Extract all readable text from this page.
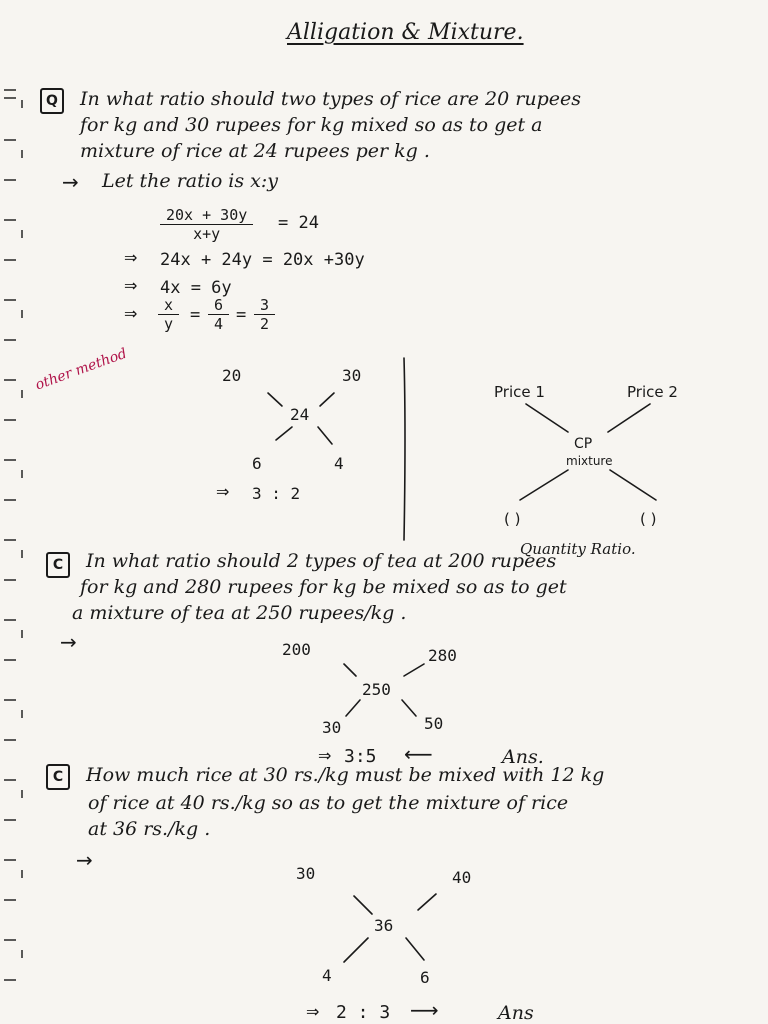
Alligation & Mixture.
Q	In what ratio should two types of rice are 20 rupees
for kg and 30 rupees for kg mixed so as to get a
mixture of rice at 24 rupees per kg .
→ Let the ratio is x:y
$\frac{20x + 30y}{x+y} = 24$
⇒ 24x + 24y = 20x +30y
⇒ 4x = 6y
⇒ $\frac{x}{y} = \frac{6}{4} = \frac{3}{2}$
other method	20	30
24
6	4
⇒ 3 : 2
Price 1	Price 2
CP
mixture
( )	( )
Quantity Ratio.
C	In what ratio should 2 types of tea at 200 rupees
for kg and 280 rupees for kg be mixed so as to get
a mixture of tea at 250 rupees/kg .
→	200	280
250
30	50
⇒ 3:5 ⟵	Ans.
C	How much rice at 30 rs./kg must be mixed with 12 kg
of rice at 40 rs./kg so as to get the mixture of rice
at 36 rs./kg .
→
30	40
36
4	6
⇒ 2 : 3 ⟶	Ans
